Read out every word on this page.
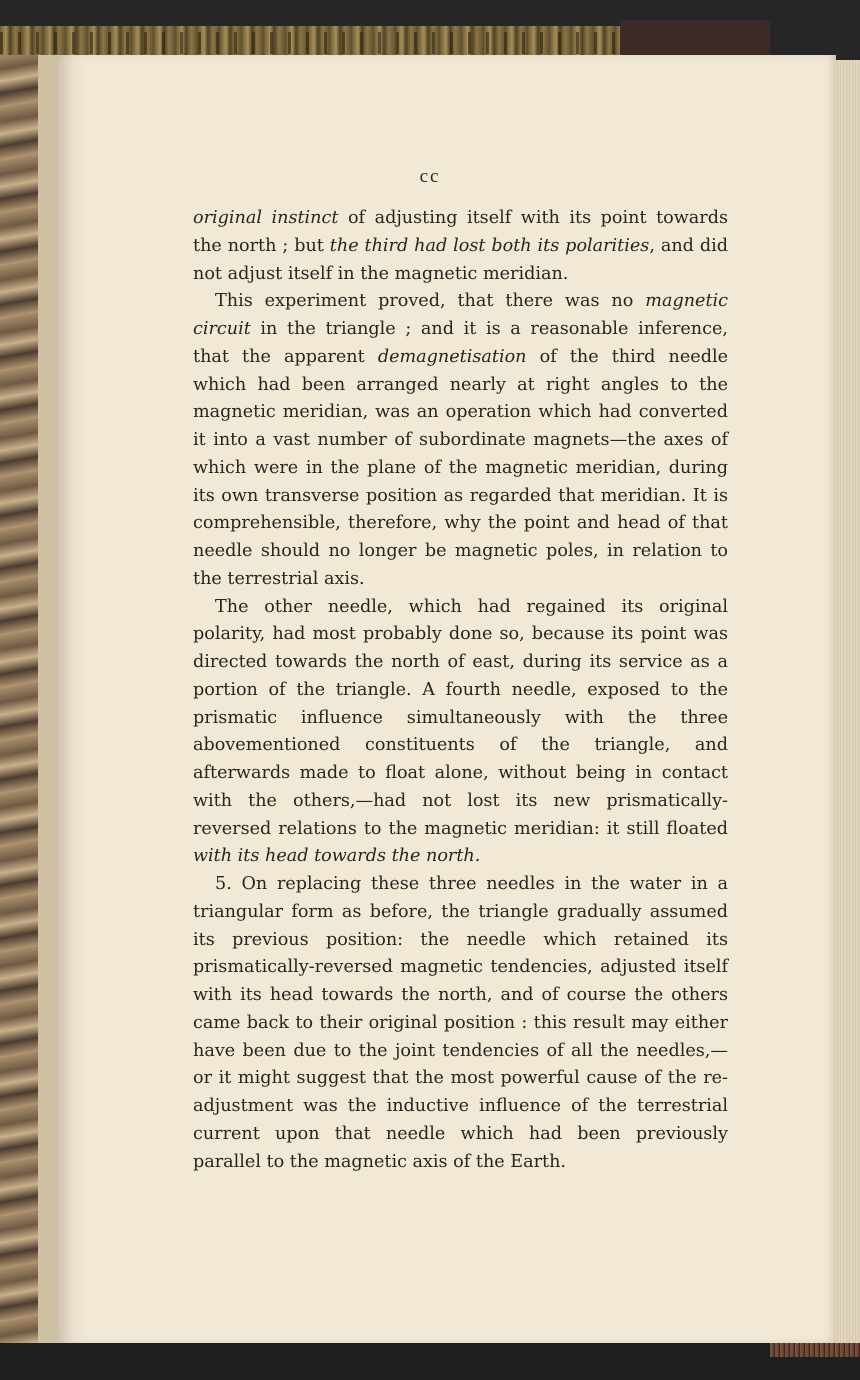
cc

original instinct of adjusting itself with its point towards the north ; but the third had lost both its polarities, and did not adjust itself in the magnetic meridian.

This experiment proved, that there was no magnetic circuit in the triangle ; and it is a reasonable inference, that the apparent demagnetisation of the third needle which had been arranged nearly at right angles to the magnetic meridian, was an operation which had converted it into a vast number of subordinate magnets—the axes of which were in the plane of the magnetic meridian, during its own transverse position as regarded that meridian. It is comprehensible, therefore, why the point and head of that needle should no longer be magnetic poles, in relation to the terrestrial axis.

The other needle, which had regained its original polarity, had most probably done so, because its point was directed towards the north of east, during its service as a portion of the triangle. A fourth needle, exposed to the prismatic influence simultaneously with the three abovementioned constituents of the triangle, and afterwards made to float alone, without being in contact with the others,—had not lost its new prismatically-reversed relations to the magnetic meridian: it still floated with its head towards the north.

5. On replacing these three needles in the water in a triangular form as before, the triangle gradually assumed its previous position: the needle which retained its prismatically-reversed magnetic tendencies, adjusted itself with its head towards the north, and of course the others came back to their original position : this result may either have been due to the joint tendencies of all the needles,—or it might suggest that the most powerful cause of the re-adjustment was the inductive influence of the terrestrial current upon that needle which had been previously parallel to the magnetic axis of the Earth.
